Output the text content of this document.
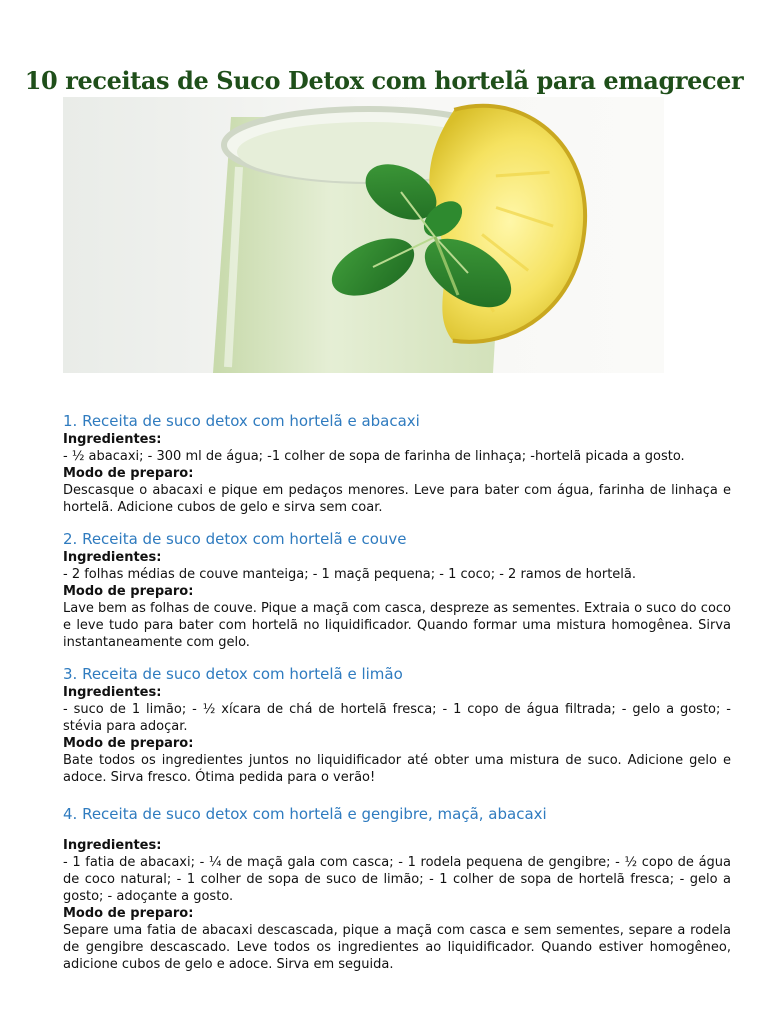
10 receitas de Suco Detox com hortelã para emagrecer
1. Receita de suco detox com hortelã e abacaxi

Ingredientes:

- ½ abacaxi; - 300 ml de água; -1 colher de sopa de farinha de linhaça; -hortelã picada a gosto.

Modo de preparo:

Descasque o abacaxi e pique em pedaços menores. Leve para bater com água, farinha de linhaça e hortelã. Adicione cubos de gelo e sirva sem coar.

2. Receita de suco detox com hortelã e couve

Ingredientes:

- 2 folhas médias de couve manteiga; - 1 maçã pequena; - 1 coco; - 2 ramos de hortelã.

Modo de preparo:

Lave bem as folhas de couve. Pique a maçã com casca, despreze as sementes. Extraia o suco do coco e leve tudo para bater com hortelã no liquidificador. Quando formar uma mistura homogênea. Sirva instantaneamente com gelo.

3. Receita de suco detox com hortelã e limão

Ingredientes:

- suco de 1 limão; - ½ xícara de chá de hortelã fresca; - 1 copo de água filtrada; - gelo a gosto; - stévia para adoçar.

Modo de preparo:

Bate todos os ingredientes juntos no liquidificador até obter uma mistura de suco. Adicione gelo e adoce. Sirva fresco. Ótima pedida para o verão!

4. Receita de suco detox com hortelã e gengibre, maçã, abacaxi

Ingredientes:

- 1 fatia de abacaxi; - ¼ de maçã gala com casca; - 1 rodela pequena de gengibre; - ½ copo de água de coco natural; - 1 colher de sopa de suco de limão; - 1 colher de sopa de hortelã fresca; - gelo a gosto; - adoçante a gosto.

Modo de preparo:

Separe uma fatia de abacaxi descascada, pique a maçã com casca e sem sementes, separe a rodela de gengibre descascado. Leve todos os ingredientes ao liquidificador. Quando estiver homogêneo, adicione cubos de gelo e adoce. Sirva em seguida.
